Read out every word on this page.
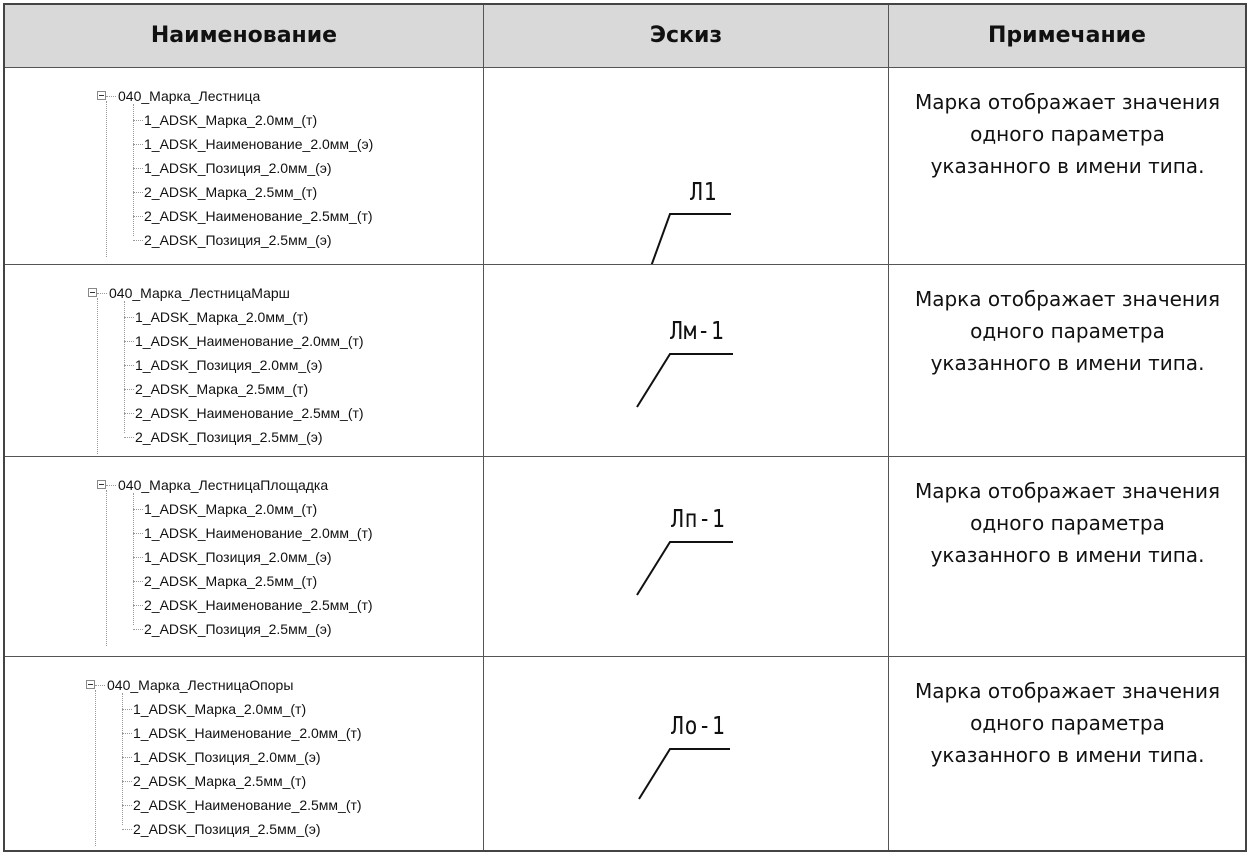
Наименование	Эскиз	Примечание
040_Марка_Лестница
1_ADSK_Марка_2.0мм_(т)
1_ADSK_Наименование_2.0мм_(э)
1_ADSK_Позиция_2.0мм_(э)
2_ADSK_Марка_2.5мм_(т)
2_ADSK_Наименование_2.5мм_(т)
2_ADSK_Позиция_2.5мм_(э)
Л1
Марка отображает значения
одного параметра
указанного в имени типа.
040_Марка_ЛестницаМарш
1_ADSK_Марка_2.0мм_(т)
1_ADSK_Наименование_2.0мм_(т)
1_ADSK_Позиция_2.0мм_(э)
2_ADSK_Марка_2.5мм_(т)
2_ADSK_Наименование_2.5мм_(т)
2_ADSK_Позиция_2.5мм_(э)
Лм-1
Марка отображает значения
одного параметра
указанного в имени типа.
040_Марка_ЛестницаПлощадка
1_ADSK_Марка_2.0мм_(т)
1_ADSK_Наименование_2.0мм_(т)
1_ADSK_Позиция_2.0мм_(э)
2_ADSK_Марка_2.5мм_(т)
2_ADSK_Наименование_2.5мм_(т)
2_ADSK_Позиция_2.5мм_(э)
Лп-1
Марка отображает значения
одного параметра
указанного в имени типа.
040_Марка_ЛестницаОпоры
1_ADSK_Марка_2.0мм_(т)
1_ADSK_Наименование_2.0мм_(т)
1_ADSK_Позиция_2.0мм_(э)
2_ADSK_Марка_2.5мм_(т)
2_ADSK_Наименование_2.5мм_(т)
2_ADSK_Позиция_2.5мм_(э)
Ло-1
Марка отображает значения
одного параметра
указанного в имени типа.
